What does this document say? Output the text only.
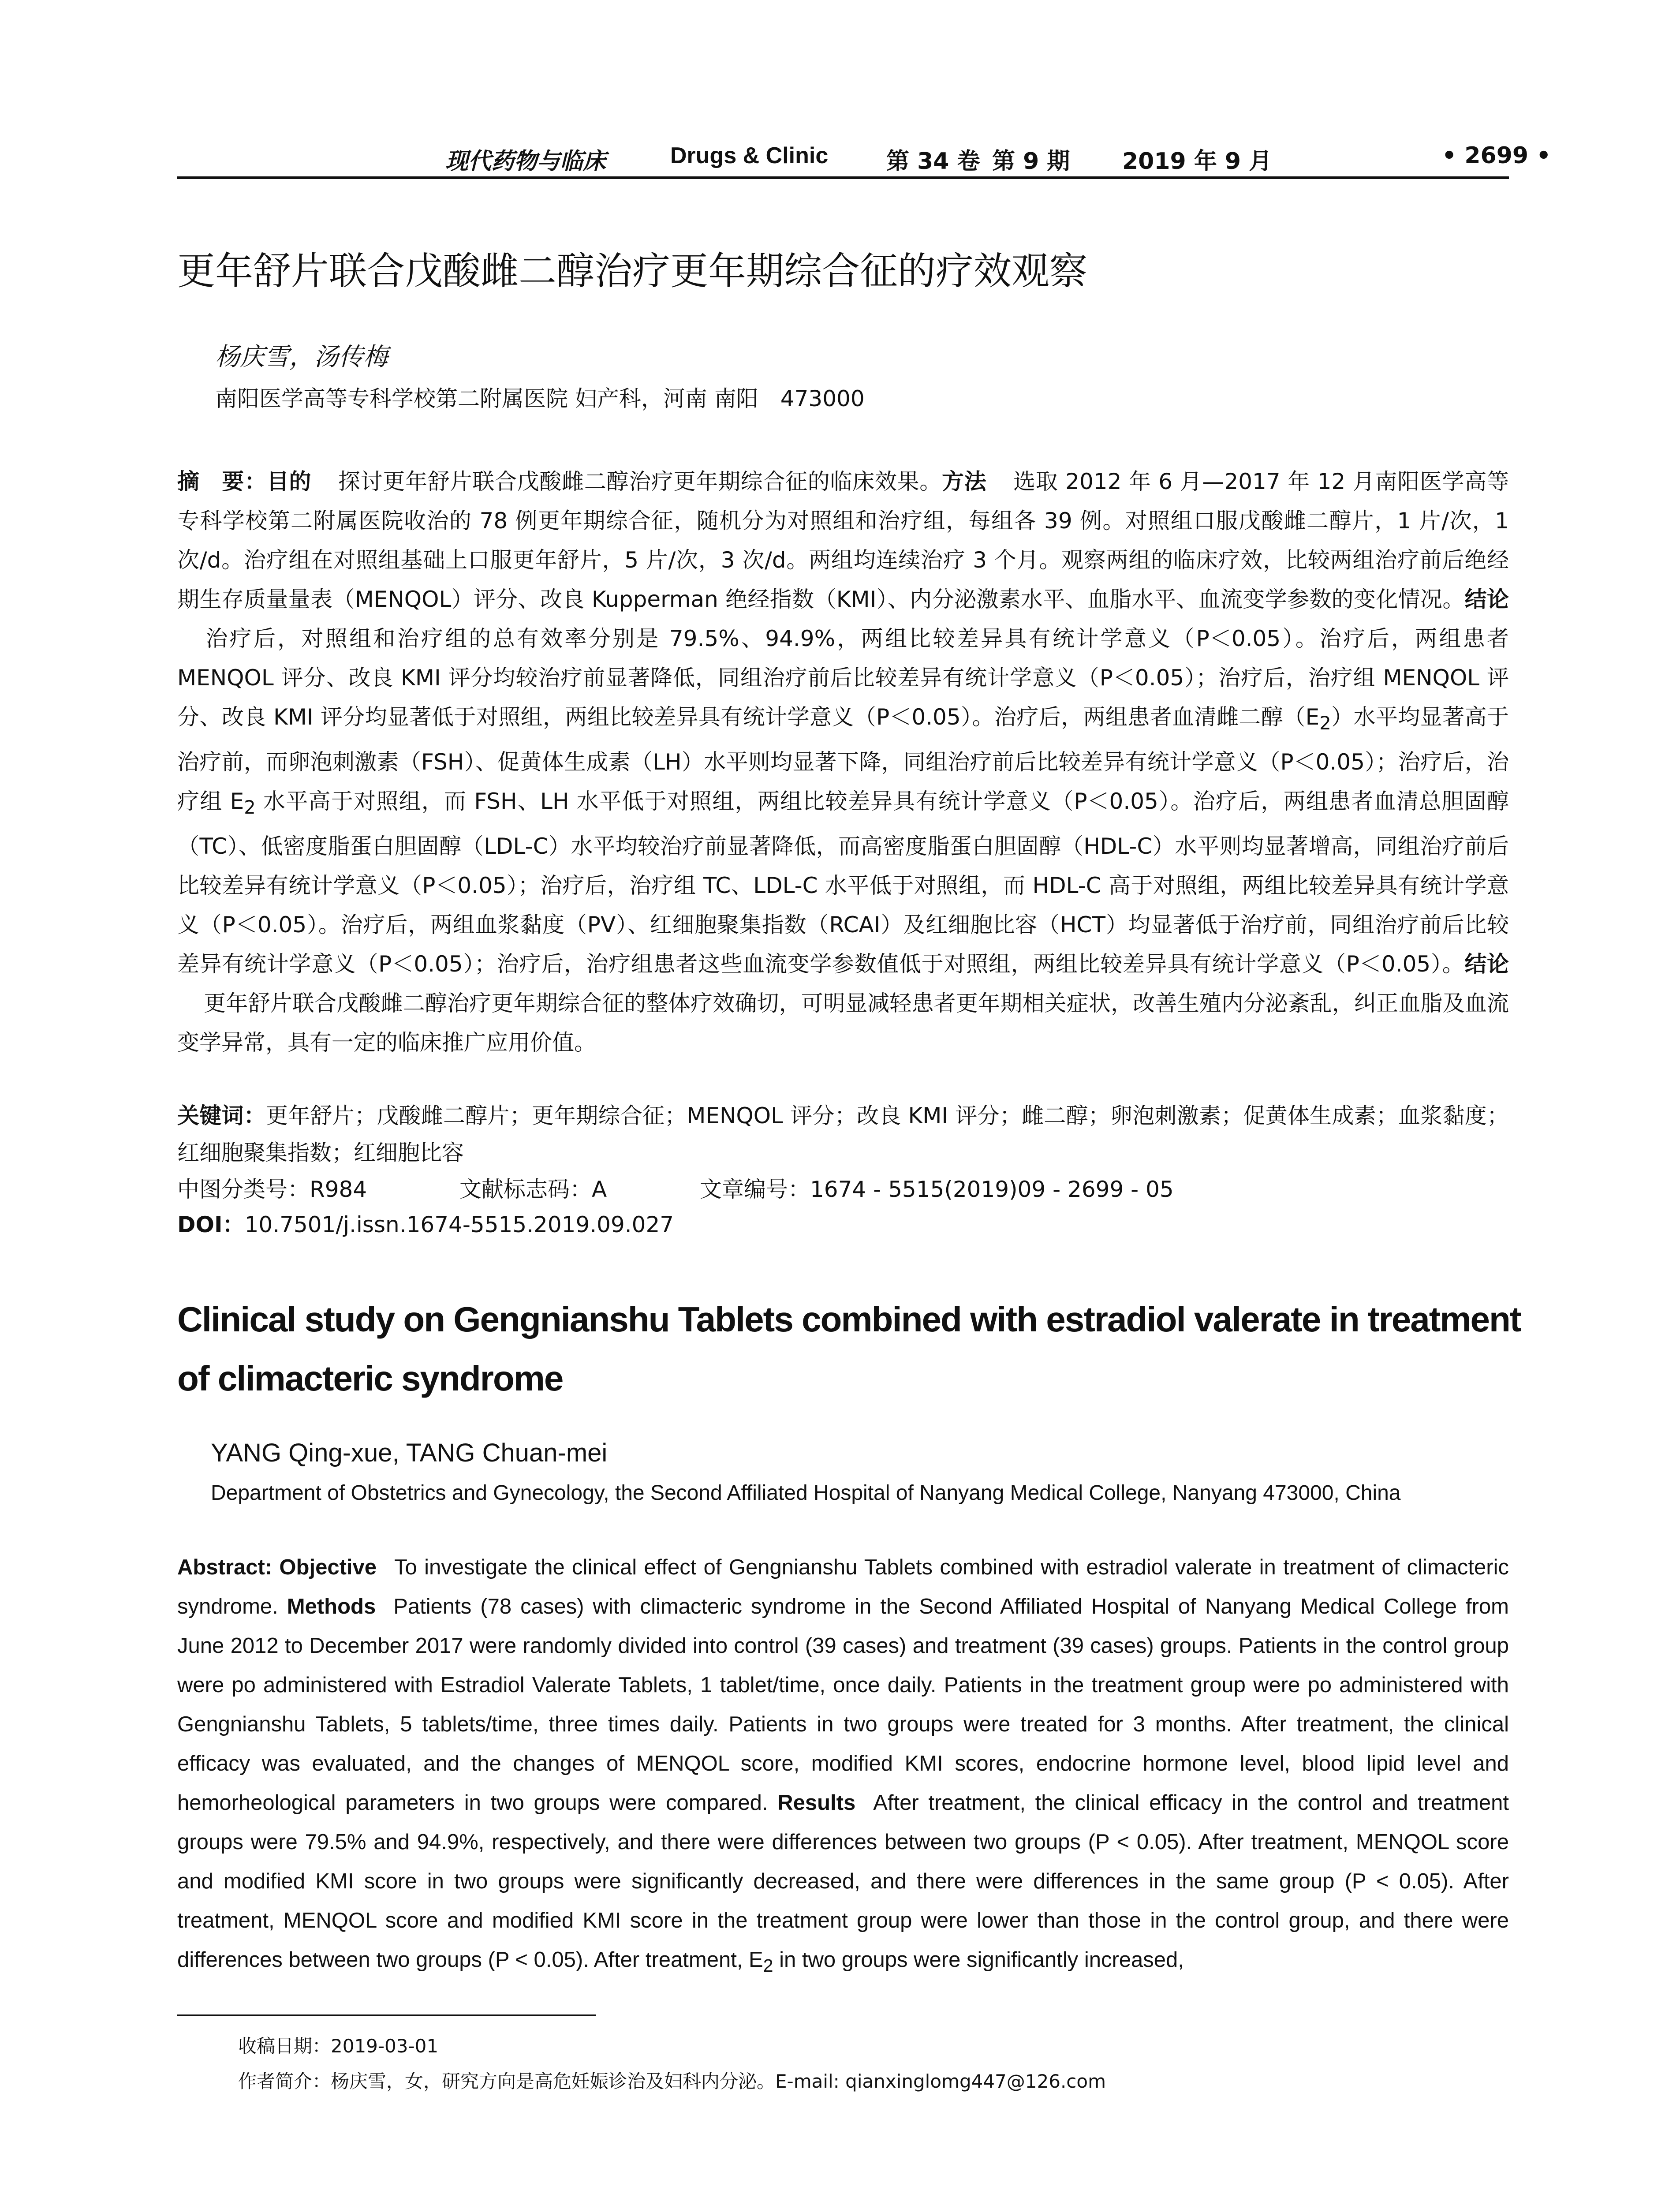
现代药物与临床	Drugs & Clinic	第 34 卷 第 9 期 2019 年 9 月	• 2699 •
更年舒片联合戊酸雌二醇治疗更年期综合征的疗效观察
杨庆雪，汤传梅
南阳医学高等专科学校第二附属医院 妇产科，河南 南阳　473000
摘　要：目的 探讨更年舒片联合戊酸雌二醇治疗更年期综合征的临床效果。方法 选取 2012 年 6 月—2017 年 12 月南阳医学高等专科学校第二附属医院收治的 78 例更年期综合征，随机分为对照组和治疗组，每组各 39 例。对照组口服戊酸雌二醇片，1 片/次，1 次/d。治疗组在对照组基础上口服更年舒片，5 片/次，3 次/d。两组均连续治疗 3 个月。观察两组的临床疗效，比较两组治疗前后绝经期生存质量量表（MENQOL）评分、改良 Kupperman 绝经指数（KMI）、内分泌激素水平、血脂水平、血流变学参数的变化情况。结论治疗后，对照组和治疗组的总有效率分别是 79.5%、94.9%，两组比较差异具有统计学意义（P＜0.05）。治疗后，两组患者 MENQOL 评分、改良 KMI 评分均较治疗前显著降低，同组治疗前后比较差异有统计学意义（P＜0.05）；治疗后，治疗组 MENQOL 评分、改良 KMI 评分均显著低于对照组，两组比较差异具有统计学意义（P＜0.05）。治疗后，两组患者血清雌二醇$(E_2)$水平均显著高于治疗前，而卵泡刺激素（FSH）、促黄体生成素（LH）水平则均显著下降，同组治疗前后比较差异有统计学意义（P＜0.05）；治疗后，治疗组 $E_2$ 水平高于对照组，而 FSH、LH 水平低于对照组，两组比较差异具有统计学意义（P＜0.05）。治疗后，两组患者血清总胆固醇（TC）、低密度脂蛋白胆固醇（LDL-C）水平均较治疗前显著降低，而高密度脂蛋白胆固醇（HDL-C）水平则均显著增高，同组治疗前后比较差异有统计学意义（P＜0.05）；治疗后，治疗组 TC、LDL-C 水平低于对照组，而 HDL-C 高于对照组，两组比较差异具有统计学意义（P＜0.05）。治疗后，两组血浆黏度（PV）、红细胞聚集指数（RCAI）及红细胞比容（HCT）均显著低于治疗前，同组治疗前后比较差异有统计学意义（P＜0.05）；治疗后，治疗组患者这些血流变学参数值低于对照组，两组比较差异具有统计学意义（P＜0.05）。结论更年舒片联合戊酸雌二醇治疗更年期综合征的整体疗效确切，可明显减轻患者更年期相关症状，改善生殖内分泌紊乱，纠正血脂及血流变学异常，具有一定的临床推广应用价值。
关键词：更年舒片；戊酸雌二醇片；更年期综合征；MENQOL 评分；改良 KMI 评分；雌二醇；卵泡刺激素；促黄体生成素；血浆黏度；红细胞聚集指数；红细胞比容
中图分类号：R984	文献标志码：A	文章编号：1674 - 5515(2019)09 - 2699 - 05
DOI：10.7501/j.issn.1674-5515.2019.09.027
Clinical study on Gengnianshu Tablets combined with estradiol valerate in treatment of climacteric syndrome
YANG Qing-xue, TANG Chuan-mei
Department of Obstetrics and Gynecology, the Second Affiliated Hospital of Nanyang Medical College, Nanyang 473000, China
Abstract: Objective To investigate the clinical effect of Gengnianshu Tablets combined with estradiol valerate in treatment of climacteric syndrome. Methods Patients (78 cases) with climacteric syndrome in the Second Affiliated Hospital of Nanyang Medical College from June 2012 to December 2017 were randomly divided into control (39 cases) and treatment (39 cases) groups. Patients in the control group were po administered with Estradiol Valerate Tablets, 1 tablet/time, once daily. Patients in the treatment group were po administered with Gengnianshu Tablets, 5 tablets/time, three times daily. Patients in two groups were treated for 3 months. After treatment, the clinical efficacy was evaluated, and the changes of MENQOL score, modified KMI scores, endocrine hormone level, blood lipid level and hemorheological parameters in two groups were compared. Results After treatment, the clinical efficacy in the control and treatment groups were 79.5% and 94.9%, respectively, and there were differences between two groups (P < 0.05). After treatment, MENQOL score and modified KMI score in two groups were significantly decreased, and there were differences in the same group (P < 0.05). After treatment, MENQOL score and modified KMI score in the treatment group were lower than those in the control group, and there were differences between two groups (P < 0.05). After treatment, $E_2$ in two groups were significantly increased,
收稿日期：2019-03-01
作者简介：杨庆雪，女，研究方向是高危妊娠诊治及妇科内分泌。E-mail: qianxinglomg447@126.com
